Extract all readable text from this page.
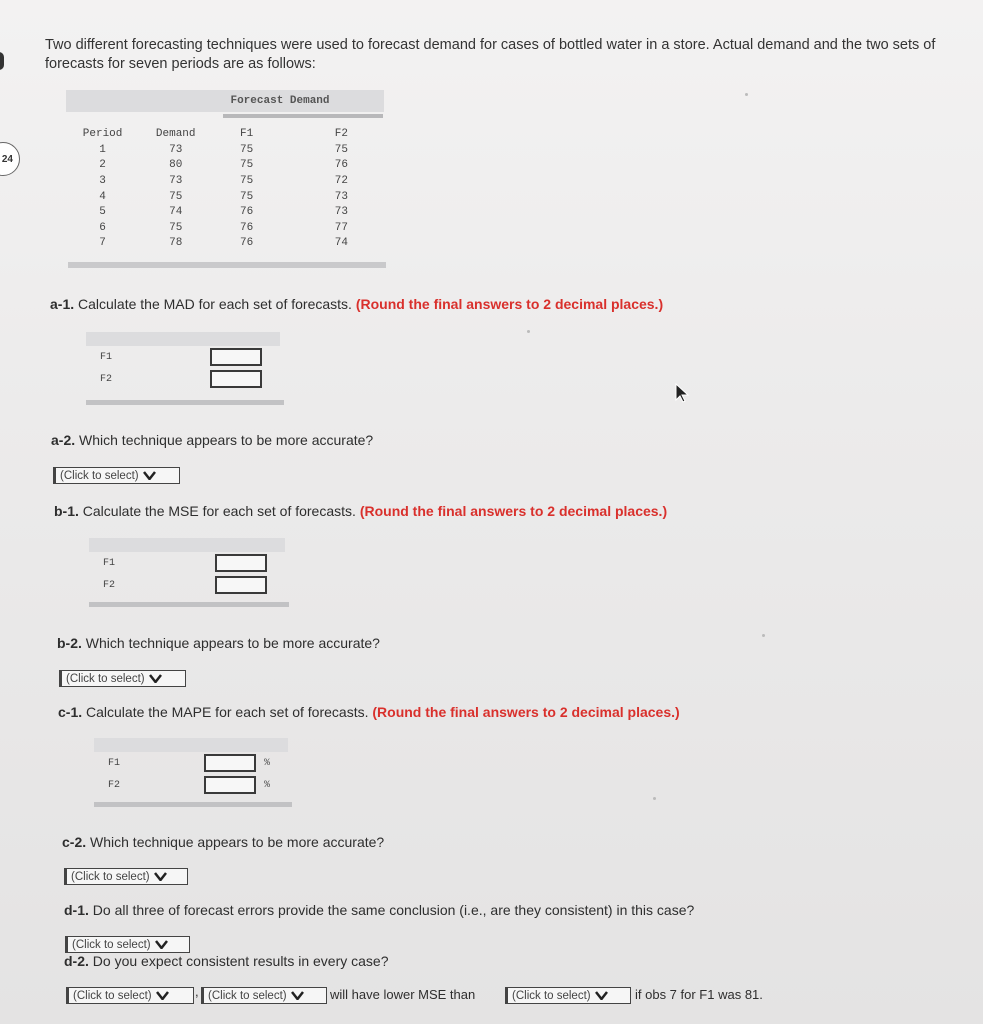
24
Two different forecasting techniques were used to forecast demand for cases of bottled water in a store. Actual demand and the two sets of forecasts for seven periods are as follows:
Forecast Demand
Period	Demand	F1	F2
1	73	75	75
2	80	75	76
3	73	75	72
4	75	75	73
5	74	76	73
6	75	76	77
7	78	76	74
a-1. Calculate the MAD for each set of forecasts. (Round the final answers to 2 decimal places.)
F1
F2
a-2. Which technique appears to be more accurate?
(Click to select)
b-1. Calculate the MSE for each set of forecasts. (Round the final answers to 2 decimal places.)
F1
F2
b-2. Which technique appears to be more accurate?
(Click to select)
c-1. Calculate the MAPE for each set of forecasts. (Round the final answers to 2 decimal places.)
F1
F2
%
%
c-2. Which technique appears to be more accurate?
(Click to select)
d-1. Do all three of forecast errors provide the same conclusion (i.e., are they consistent) in this case?
(Click to select)
d-2. Do you expect consistent results in every case?
(Click to select)	, (Click to select)	will have lower MSE than	(Click to select)	if obs 7 for F1 was 81.
